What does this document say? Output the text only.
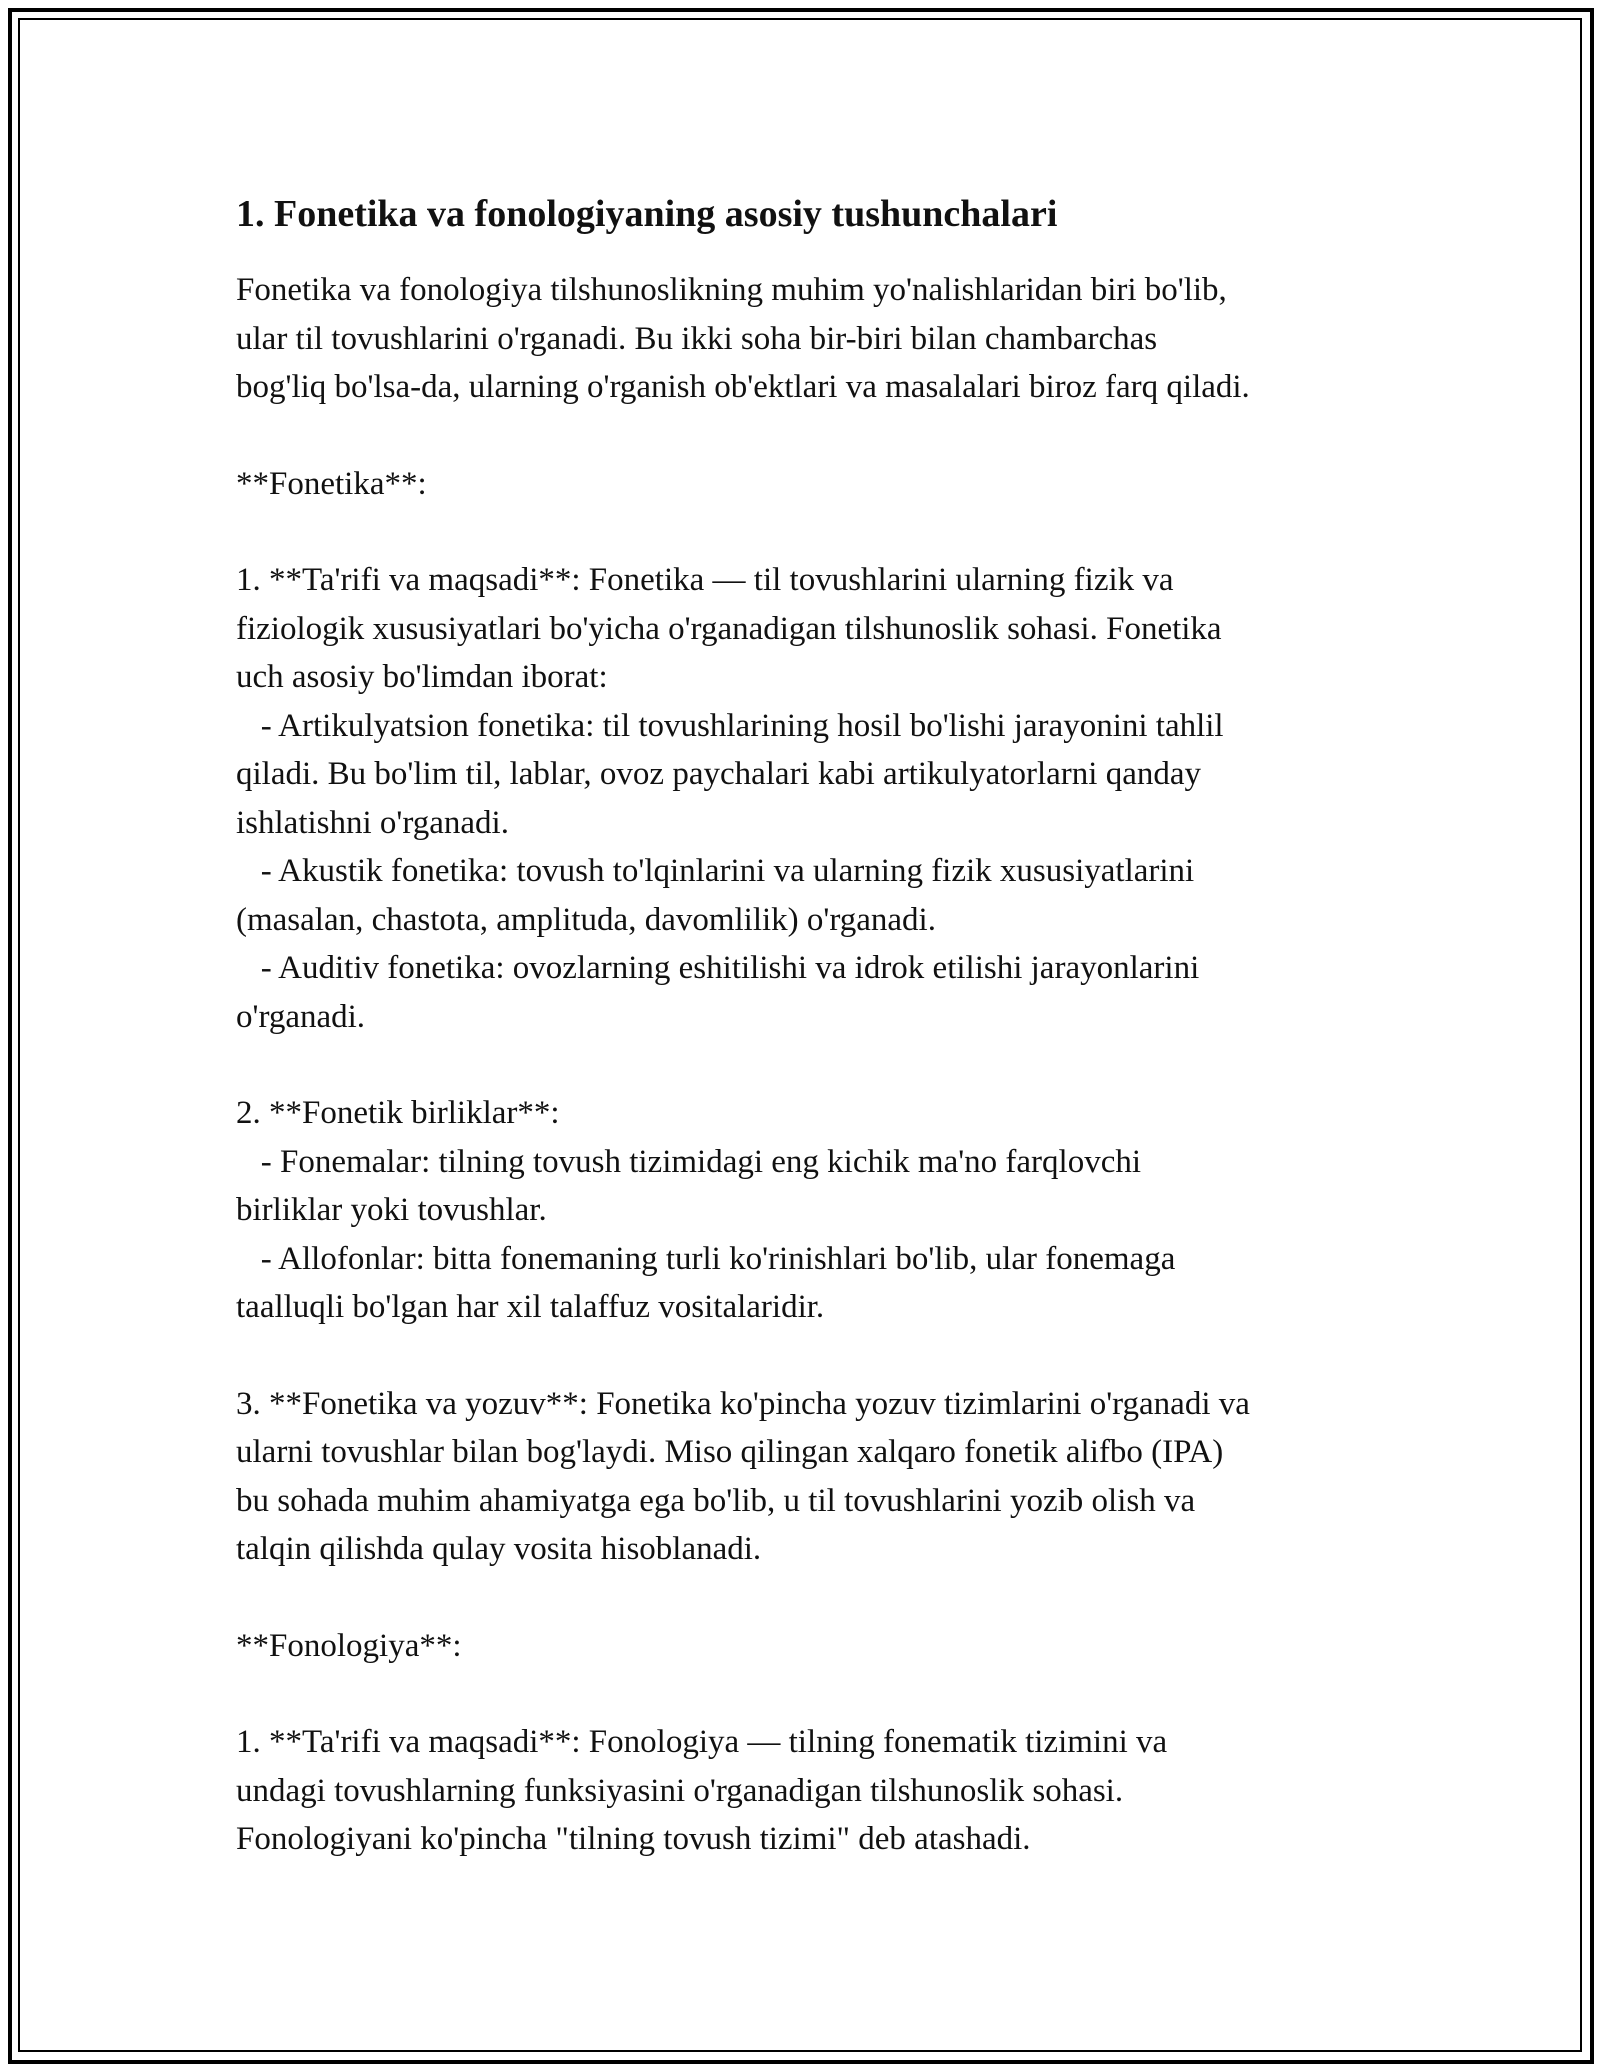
1. Fonetika va fonologiyaning asosiy tushunchalari

Fonetika va fonologiya tilshunoslikning muhim yo'nalishlaridan biri bo'lib,
ular til tovushlarini o'rganadi. Bu ikki soha bir-biri bilan chambarchas
bog'liq bo'lsa-da, ularning o'rganish ob'ektlari va masalalari biroz farq qiladi.

**Fonetika**:

1. **Ta'rifi va maqsadi**: Fonetika — til tovushlarini ularning fizik va
fiziologik xususiyatlari bo'yicha o'rganadigan tilshunoslik sohasi. Fonetika
uch asosiy bo'limdan iborat:
- Artikulyatsion fonetika: til tovushlarining hosil bo'lishi jarayonini tahlil
qiladi. Bu bo'lim til, lablar, ovoz paychalari kabi artikulyatorlarni qanday
ishlatishni o'rganadi.
- Akustik fonetika: tovush to'lqinlarini va ularning fizik xususiyatlarini
(masalan, chastota, amplituda, davomlilik) o'rganadi.
- Auditiv fonetika: ovozlarning eshitilishi va idrok etilishi jarayonlarini
o'rganadi.

2. **Fonetik birliklar**:
- Fonemalar: tilning tovush tizimidagi eng kichik ma'no farqlovchi
birliklar yoki tovushlar.
- Allofonlar: bitta fonemaning turli ko'rinishlari bo'lib, ular fonemaga
taalluqli bo'lgan har xil talaffuz vositalaridir.

3. **Fonetika va yozuv**: Fonetika ko'pincha yozuv tizimlarini o'rganadi va
ularni tovushlar bilan bog'laydi. Miso qilingan xalqaro fonetik alifbo (IPA)
bu sohada muhim ahamiyatga ega bo'lib, u til tovushlarini yozib olish va
talqin qilishda qulay vosita hisoblanadi.

**Fonologiya**:

1. **Ta'rifi va maqsadi**: Fonologiya — tilning fonematik tizimini va
undagi tovushlarning funksiyasini o'rganadigan tilshunoslik sohasi.
Fonologiyani ko'pincha "tilning tovush tizimi" deb atashadi.
